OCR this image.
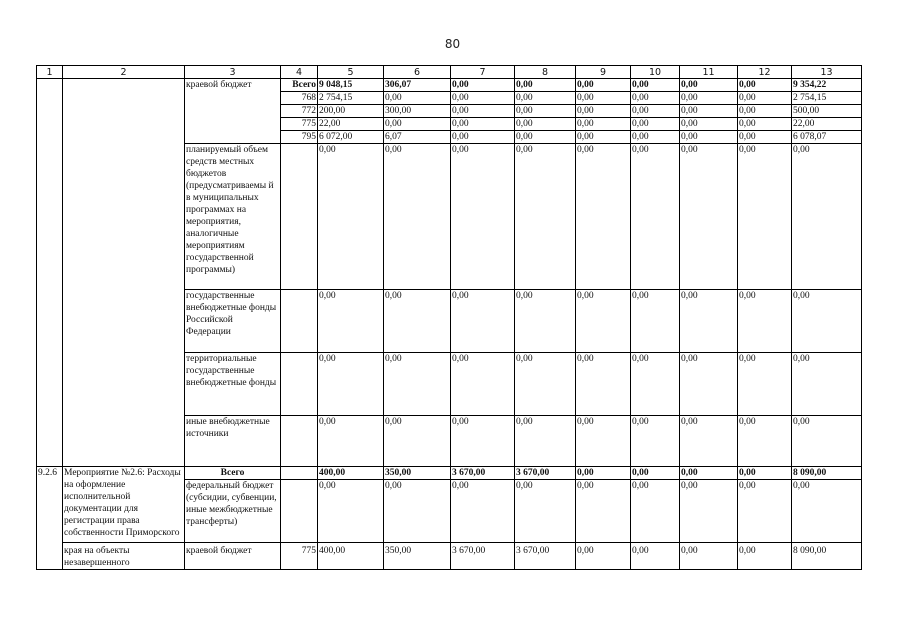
80
1	2	3	4	5	6	7	8	9	10	11	12	13
		краевой бюджет	Всего	9 048,15	306,07	0,00	0,00	0,00	0,00	0,00	0,00	9 354,22
			768	2 754,15	0,00	0,00	0,00	0,00	0,00	0,00	0,00	2 754,15
			772	200,00	300,00	0,00	0,00	0,00	0,00	0,00	0,00	500,00
			775	22,00	0,00	0,00	0,00	0,00	0,00	0,00	0,00	22,00
			795	6 072,00	6,07	0,00	0,00	0,00	0,00	0,00	0,00	6 078,07
		планируемый объем средств местных бюджетов (предусматриваемы й в муниципальных программах на мероприятия, аналогичные мероприятиям государственной программы)		0,00	0,00	0,00	0,00	0,00	0,00	0,00	0,00	0,00
		государственные внебюджетные фонды Российской Федерации		0,00	0,00	0,00	0,00	0,00	0,00	0,00	0,00	0,00
		территориальные государственные внебюджетные фонды		0,00	0,00	0,00	0,00	0,00	0,00	0,00	0,00	0,00
		иные внебюджетные источники		0,00	0,00	0,00	0,00	0,00	0,00	0,00	0,00	0,00
9.2.6	Мероприятие №2.6: Расходы на оформление исполнительной документации для регистрации права собственности Приморского	Всего		400,00	350,00	3 670,00	3 670,00	0,00	0,00	0,00	0,00	8 090,00
		федеральный бюджет (субсидии, субвенции, иные межбюджетные трансферты)		0,00	0,00	0,00	0,00	0,00	0,00	0,00	0,00	0,00
	края на объекты незавершенного	краевой бюджет	775	400,00	350,00	3 670,00	3 670,00	0,00	0,00	0,00	0,00	8 090,00
